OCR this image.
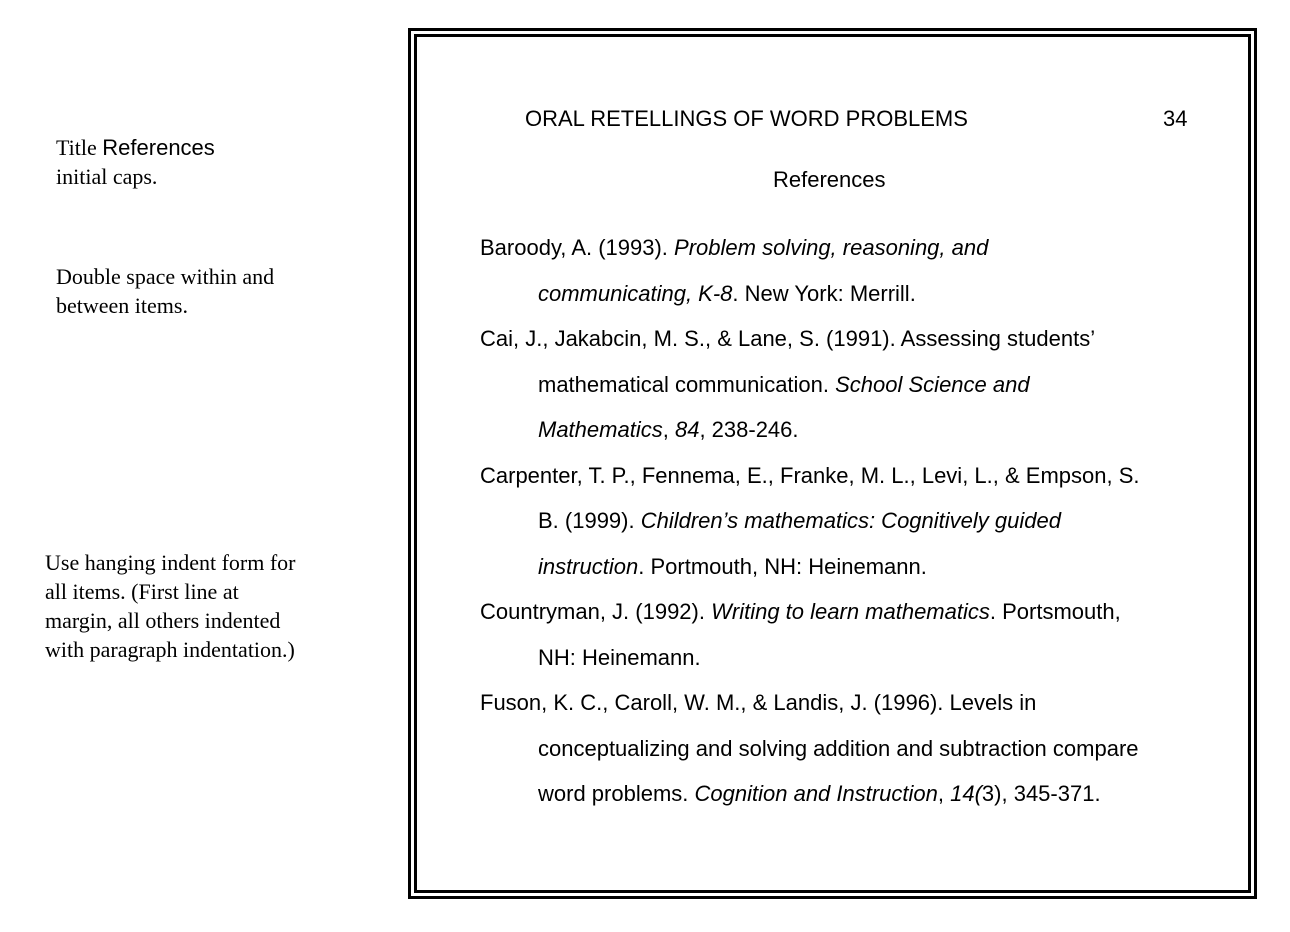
Title References
initial caps.
Double space within and
between items.
Use hanging indent form for
all items. (First line at
margin, all others indented
with paragraph indentation.)
ORAL RETELLINGS OF WORD PROBLEMS	34
References
Baroody, A. (1993). Problem solving, reasoning, and
communicating, K-8. New York: Merrill.
Cai, J., Jakabcin, M. S., & Lane, S. (1991). Assessing students’
mathematical communication. School Science and
Mathematics, 84, 238-246.
Carpenter, T. P., Fennema, E., Franke, M. L., Levi, L., & Empson, S.
B. (1999). Children’s mathematics: Cognitively guided
instruction. Portmouth, NH: Heinemann.
Countryman, J. (1992). Writing to learn mathematics. Portsmouth,
NH: Heinemann.
Fuson, K. C., Caroll, W. M., & Landis, J. (1996). Levels in
conceptualizing and solving addition and subtraction compare
word problems. Cognition and Instruction, 14(3), 345-371.
